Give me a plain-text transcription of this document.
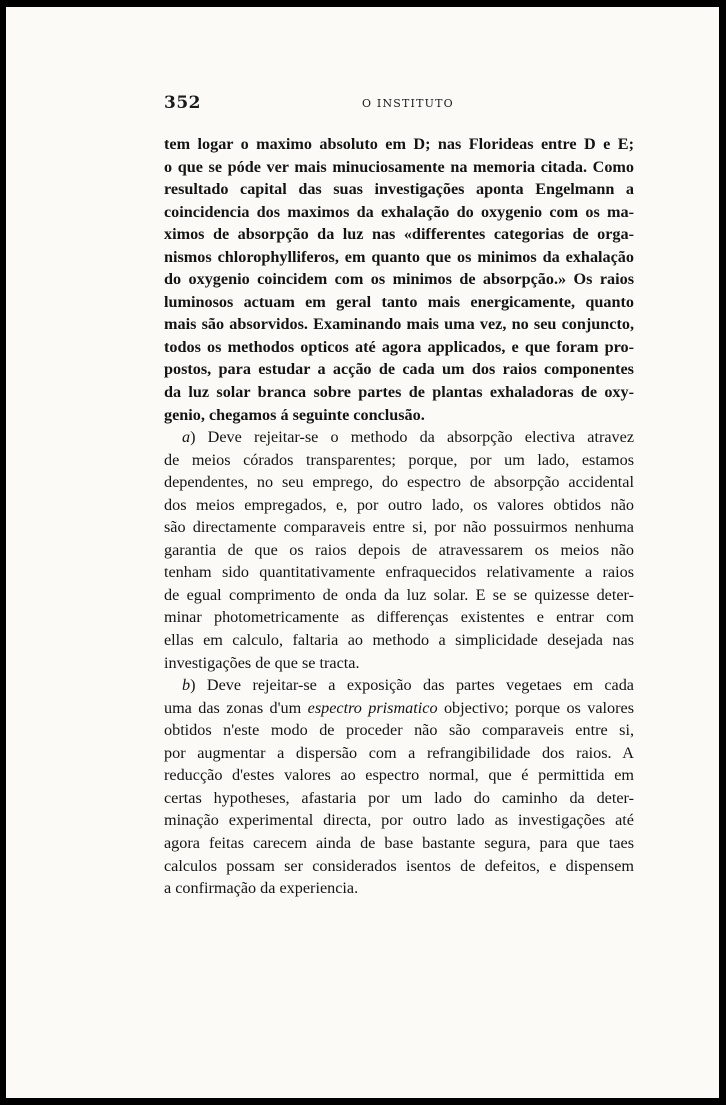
352	O INSTITUTO
tem logar o maximo absoluto em D; nas Florideas entre D e E;
o que se póde ver mais minuciosamente na memoria citada. Como
resultado capital das suas investigações aponta Engelmann a
coincidencia dos maximos da exhalação do oxygenio com os ma-
ximos de absorpção da luz nas «differentes categorias de orga-
nismos chlorophylliferos, em quanto que os minimos da exhalação
do oxygenio coincidem com os minimos de absorpção.» Os raios
luminosos actuam em geral tanto mais energicamente, quanto
mais são absorvidos. Examinando mais uma vez, no seu conjuncto,
todos os methodos opticos até agora applicados, e que foram pro-
postos, para estudar a acção de cada um dos raios componentes
da luz solar branca sobre partes de plantas exhaladoras de oxy-
genio, chegamos á seguinte conclusão.
a) Deve rejeitar-se o methodo da absorpção electiva atravez
de meios córados transparentes; porque, por um lado, estamos
dependentes, no seu emprego, do espectro de absorpção accidental
dos meios empregados, e, por outro lado, os valores obtidos não
são directamente comparaveis entre si, por não possuirmos nenhuma
garantia de que os raios depois de atravessarem os meios não
tenham sido quantitativamente enfraquecidos relativamente a raios
de egual comprimento de onda da luz solar. E se se quizesse deter-
minar photometricamente as differenças existentes e entrar com
ellas em calculo, faltaria ao methodo a simplicidade desejada nas
investigações de que se tracta.
b) Deve rejeitar-se a exposição das partes vegetaes em cada
uma das zonas d'um espectro prismatico objectivo; porque os valores
obtidos n'este modo de proceder não são comparaveis entre si,
por augmentar a dispersão com a refrangibilidade dos raios. A
reducção d'estes valores ao espectro normal, que é permittida em
certas hypotheses, afastaria por um lado do caminho da deter-
minação experimental directa, por outro lado as investigações até
agora feitas carecem ainda de base bastante segura, para que taes
calculos possam ser considerados isentos de defeitos, e dispensem
a confirmação da experiencia.
